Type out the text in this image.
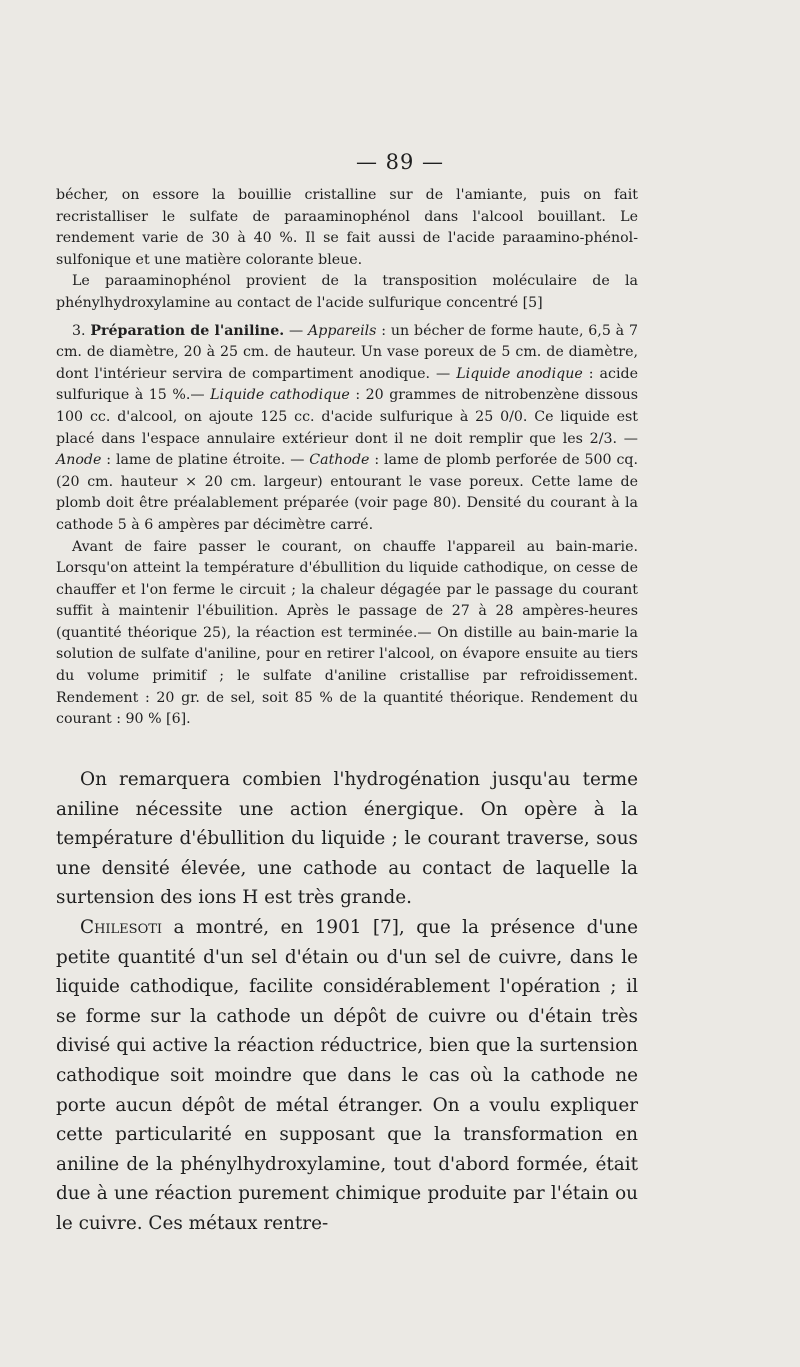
— 89 —

bécher, on essore la bouillie cristalline sur de l'amiante, puis on fait recristalliser le sulfate de paraaminophénol dans l'alcool bouillant. Le rendement varie de 30 à 40 %. Il se fait aussi de l'acide paraamino-phénol-sulfonique et une matière colorante bleue.

Le paraaminophénol provient de la transposition moléculaire de la phénylhydroxylamine au contact de l'acide sulfurique concentré [5]

3. Préparation de l'aniline. — Appareils : un bécher de forme haute, 6,5 à 7 cm. de diamètre, 20 à 25 cm. de hauteur. Un vase poreux de 5 cm. de diamètre, dont l'intérieur servira de compartiment anodique. — Liquide anodique : acide sulfurique à 15 %.— Liquide cathodique : 20 grammes de nitrobenzène dissous 100 cc. d'alcool, on ajoute 125 cc. d'acide sulfurique à 25 0/0. Ce liquide est placé dans l'espace annulaire extérieur dont il ne doit remplir que les 2/3. — Anode : lame de platine étroite. — Cathode : lame de plomb perforée de 500 cq. (20 cm. hauteur × 20 cm. largeur) entourant le vase poreux. Cette lame de plomb doit être préalablement préparée (voir page 80). Densité du courant à la cathode 5 à 6 ampères par décimètre carré.

Avant de faire passer le courant, on chauffe l'appareil au bain-marie. Lorsqu'on atteint la température d'ébullition du liquide cathodique, on cesse de chauffer et l'on ferme le circuit ; la chaleur dégagée par le passage du courant suffit à maintenir l'ébuilition. Après le passage de 27 à 28 ampères-heures (quantité théorique 25), la réaction est terminée.— On distille au bain-marie la solution de sulfate d'aniline, pour en retirer l'alcool, on évapore ensuite au tiers du volume primitif ; le sulfate d'aniline cristallise par refroidissement. Rendement : 20 gr. de sel, soit 85 % de la quantité théorique. Rendement du courant : 90 % [6].

On remarquera combien l'hydrogénation jusqu'au terme aniline nécessite une action énergique. On opère à la température d'ébullition du liquide ; le courant traverse, sous une densité élevée, une cathode au contact de laquelle la surtension des ions H est très grande.

Chilesoti a montré, en 1901 [7], que la présence d'une petite quantité d'un sel d'étain ou d'un sel de cuivre, dans le liquide cathodique, facilite considérablement l'opération ; il se forme sur la cathode un dépôt de cuivre ou d'étain très divisé qui active la réaction réductrice, bien que la surtension cathodique soit moindre que dans le cas où la cathode ne porte aucun dépôt de métal étranger. On a voulu expliquer cette particularité en supposant que la transformation en aniline de la phénylhydroxylamine, tout d'abord formée, était due à une réaction purement chimique produite par l'étain ou le cuivre. Ces métaux rentre-
